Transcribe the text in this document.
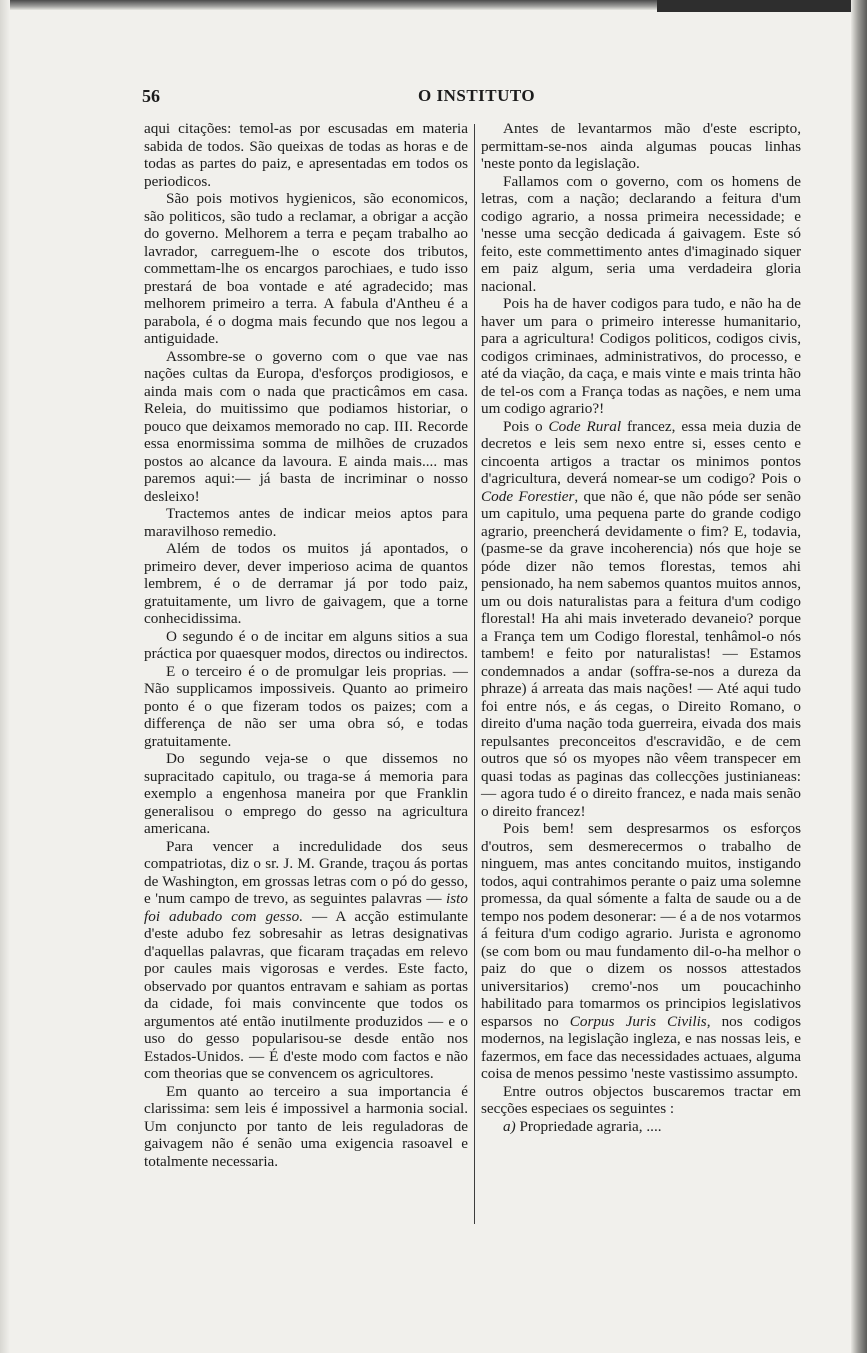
56	O INSTITUTO

aqui citações: temol-as por escusadas em materia sabida de todos. São queixas de todas as horas e de todas as partes do paiz, e apresentadas em todos os periodicos.

São pois motivos hygienicos, são economicos, são politicos, são tudo a reclamar, a obrigar a acção do governo. Melhorem a terra e peçam trabalho ao lavrador, carreguem-lhe o escote dos tributos, commettam-lhe os encargos parochiaes, e tudo isso prestará de boa vontade e até agradecido; mas melhorem primeiro a terra. A fabula d'Antheu é a parabola, é o dogma mais fecundo que nos legou a antiguidade.

Assombre-se o governo com o que vae nas nações cultas da Europa, d'esforços prodigiosos, e ainda mais com o nada que practicâmos em casa. Releia, do muitissimo que podiamos historiar, o pouco que deixamos memorado no cap. III. Recorde essa enormissima somma de milhões de cruzados postos ao alcance da lavoura. E ainda mais.... mas paremos aqui:— já basta de incriminar o nosso desleixo!

Tractemos antes de indicar meios aptos para maravilhoso remedio.

Além de todos os muitos já apontados, o primeiro dever, dever imperioso acima de quantos lembrem, é o de derramar já por todo paiz, gratuitamente, um livro de gaivagem, que a torne conhecidissima.

O segundo é o de incitar em alguns sitios a sua práctica por quaesquer modos, directos ou indirectos.

E o terceiro é o de promulgar leis proprias. — Não supplicamos impossiveis. Quanto ao primeiro ponto é o que fizeram todos os paizes; com a differença de não ser uma obra só, e todas gratuitamente.

Do segundo veja-se o que dissemos no supracitado capitulo, ou traga-se á memoria para exemplo a engenhosa maneira por que Franklin generalisou o emprego do gesso na agricultura americana.

Para vencer a incredulidade dos seus compatriotas, diz o sr. J. M. Grande, traçou ás portas de Washington, em grossas letras com o pó do gesso, e 'num campo de trevo, as seguintes palavras — isto foi adubado com gesso. — A acção estimulante d'este adubo fez sobresahir as letras designativas d'aquellas palavras, que ficaram traçadas em relevo por caules mais vigorosas e verdes. Este facto, observado por quantos entravam e sahiam as portas da cidade, foi mais convincente que todos os argumentos até então inutilmente produzidos — e o uso do gesso popularisou-se desde então nos Estados-Unidos. — É d'este modo com factos e não com theorias que se convencem os agricultores.

Em quanto ao terceiro a sua importancia é clarissima: sem leis é impossivel a harmonia social. Um conjuncto por tanto de leis reguladoras de gaivagem não é senão uma exigencia rasoavel e totalmente necessaria.

Antes de levantarmos mão d'este escripto, permittam-se-nos ainda algumas poucas linhas 'neste ponto da legislação.

Fallamos com o governo, com os homens de letras, com a nação; declarando a feitura d'um codigo agrario, a nossa primeira necessidade; e 'nesse uma secção dedicada á gaivagem. Este só feito, este commettimento antes d'imaginado siquer em paiz algum, seria uma verdadeira gloria nacional.

Pois ha de haver codigos para tudo, e não ha de haver um para o primeiro interesse humanitario, para a agricultura! Codigos politicos, codigos civis, codigos criminaes, administrativos, do processo, e até da viação, da caça, e mais vinte e mais trinta hão de tel-os com a França todas as nações, e nem uma um codigo agrario?!

Pois o Code Rural francez, essa meia duzia de decretos e leis sem nexo entre si, esses cento e cincoenta artigos a tractar os minimos pontos d'agricultura, deverá nomear-se um codigo? Pois o Code Forestier, que não é, que não póde ser senão um capitulo, uma pequena parte do grande codigo agrario, preencherá devidamente o fim? E, todavia, (pasme-se da grave incoherencia) nós que hoje se póde dizer não temos florestas, temos ahi pensionado, ha nem sabemos quantos muitos annos, um ou dois naturalistas para a feitura d'um codigo florestal! Ha ahi mais inveterado devaneio? porque a França tem um Codigo florestal, tenhâmol-o nós tambem! e feito por naturalistas! — Estamos condemnados a andar (soffra-se-nos a dureza da phraze) á arreata das mais nações! — Até aqui tudo foi entre nós, e ás cegas, o Direito Romano, o direito d'uma nação toda guerreira, eivada dos mais repulsantes preconceitos d'escravidão, e de cem outros que só os myopes não vêem transpecer em quasi todas as paginas das collecções justinianeas: — agora tudo é o direito francez, e nada mais senão o direito francez!

Pois bem! sem despresarmos os esforços d'outros, sem desmerecermos o trabalho de ninguem, mas antes concitando muitos, instigando todos, aqui contrahimos perante o paiz uma solemne promessa, da qual sómente a falta de saude ou a de tempo nos podem desonerar: — é a de nos votarmos á feitura d'um codigo agrario. Jurista e agronomo (se com bom ou mau fundamento dil-o-ha melhor o paiz do que o dizem os nossos attestados universitarios) cremo'-nos um poucachinho habilitado para tomarmos os principios legislativos esparsos no Corpus Juris Civilis, nos codigos modernos, na legislação ingleza, e nas nossas leis, e fazermos, em face das necessidades actuaes, alguma coisa de menos pessimo 'neste vastissimo assumpto.

Entre outros objectos buscaremos tractar em secções especiaes os seguintes :

a) Propriedade agraria, ....
